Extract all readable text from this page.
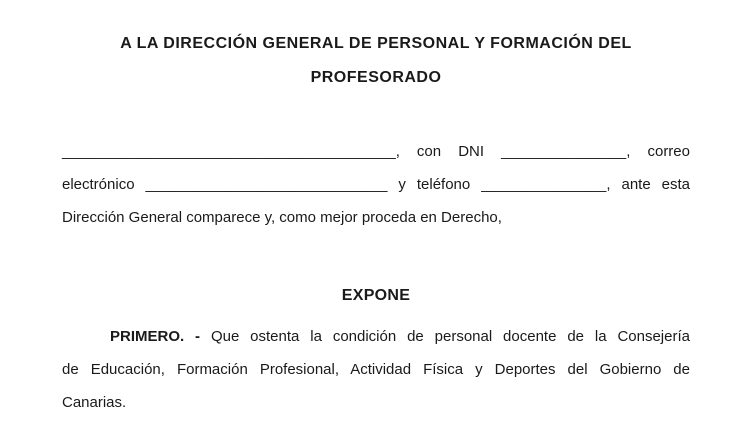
A LA DIRECCIÓN GENERAL DE PERSONAL Y FORMACIÓN DEL
PROFESORADO
________________________________________, con DNI _______________, correo
electrónico _____________________________ y teléfono _______________, ante esta
Dirección General comparece y, como mejor proceda en Derecho,
EXPONE
PRIMERO. - Que ostenta la condición de personal docente de la Consejería
de Educación, Formación Profesional, Actividad Física y Deportes del Gobierno de
Canarias.
